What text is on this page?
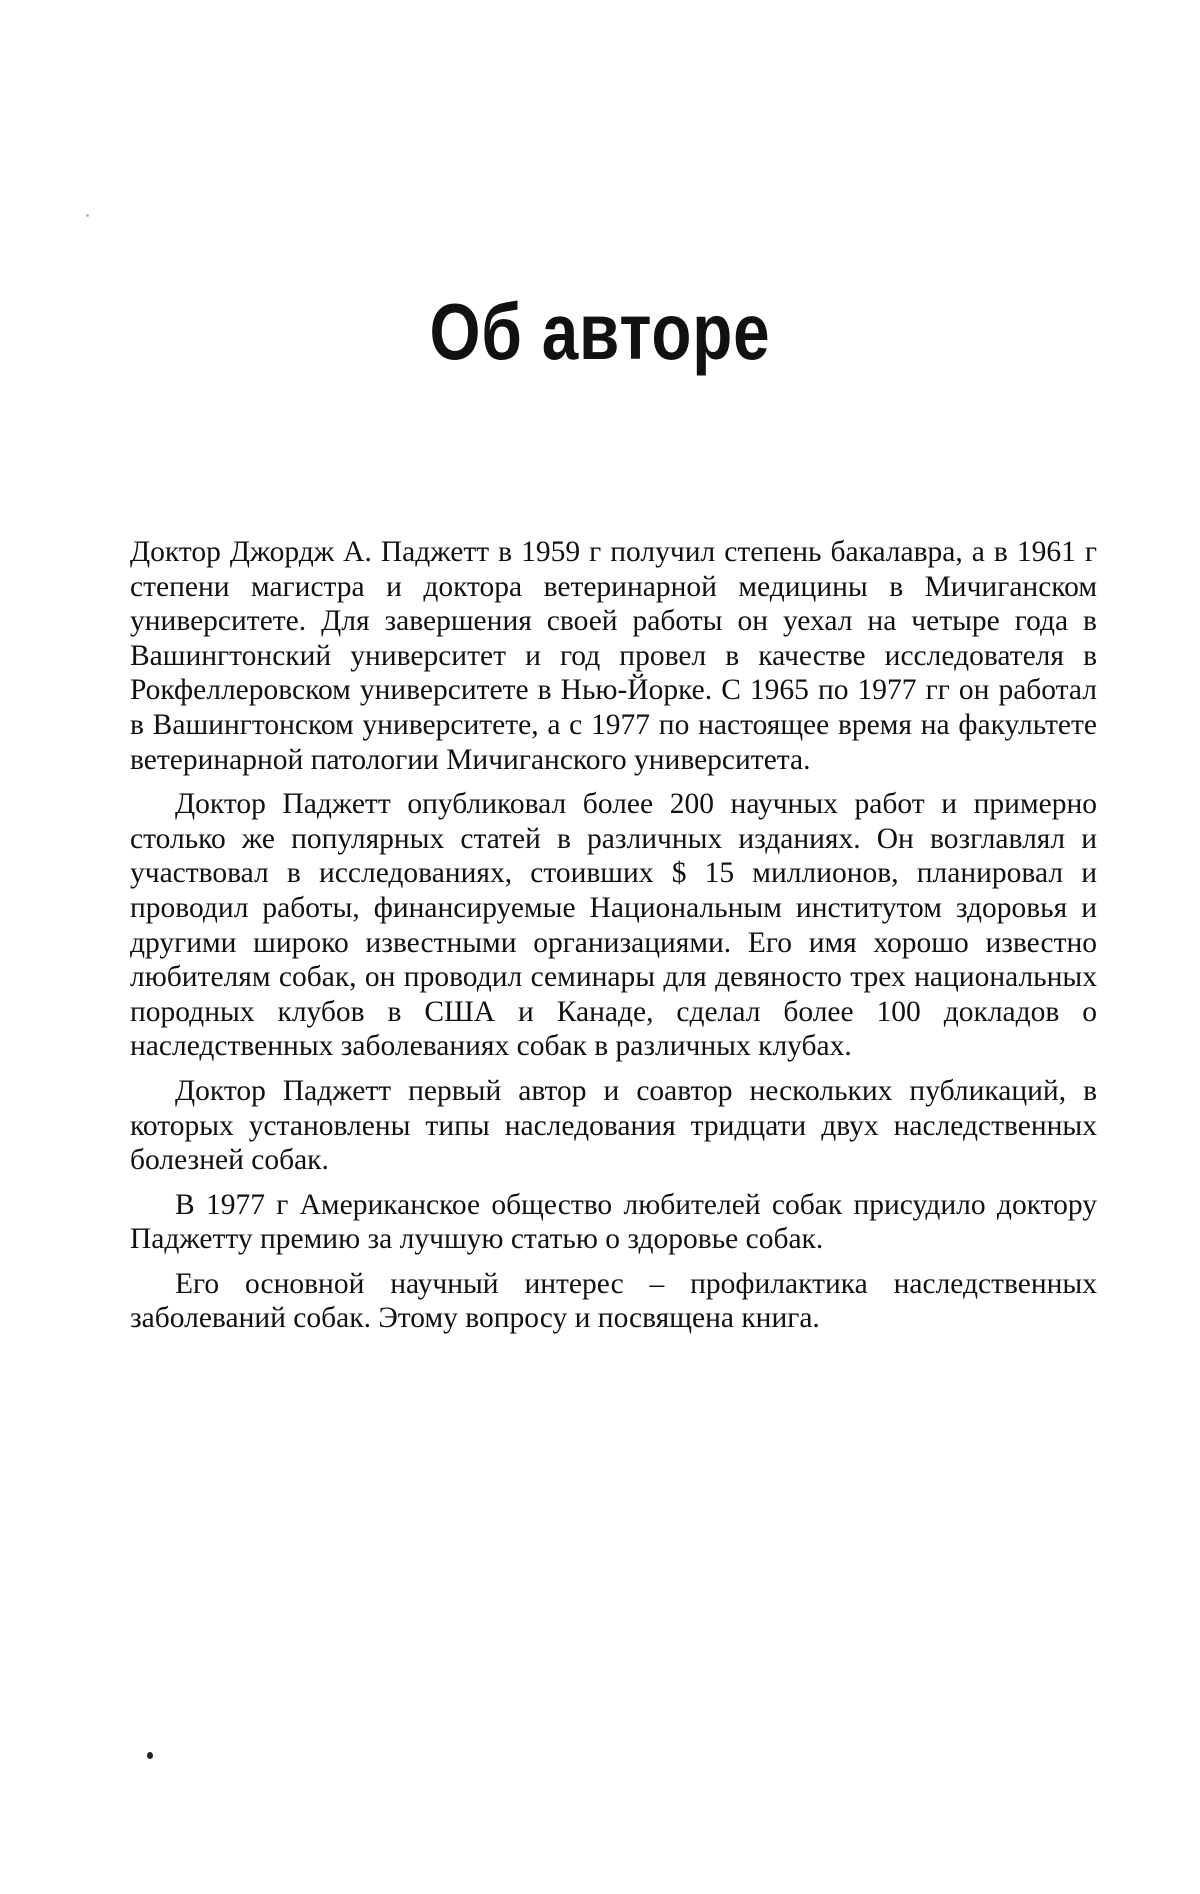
Об авторе

Доктор Джордж А. Паджетт в 1959 г получил степень бакалавра, а в 1961 г степени магистра и доктора ветеринарной медицины в Мичиганском университете. Для завершения своей работы он уехал на четыре года в Вашингтонский университет и год провел в качестве исследователя в Рокфеллеровском университете в Нью-Йорке. С 1965 по 1977 гг он работал в Вашингтонском университете, а с 1977 по настоящее время на факультете ветеринарной патологии Мичиганского университета.

Доктор Паджетт опубликовал более 200 научных работ и примерно столько же популярных статей в различных изданиях. Он возглавлял и участвовал в исследованиях, стоивших $ 15 миллионов, планировал и проводил работы, финансируемые Национальным институтом здоровья и другими широко известными организациями. Его имя хорошо известно любителям собак, он проводил семинары для девяносто трех национальных породных клубов в США и Канаде, сделал более 100 докладов о наследственных заболеваниях собак в различных клубах.

Доктор Паджетт первый автор и соавтор нескольких публикаций, в которых установлены типы наследования тридцати двух наследственных болезней собак.

В 1977 г Американское общество любителей собак присудило доктору Паджетту премию за лучшую статью о здоровье собак.

Его основной научный интерес – профилактика наследственных заболеваний собак. Этому вопросу и посвящена книга.
